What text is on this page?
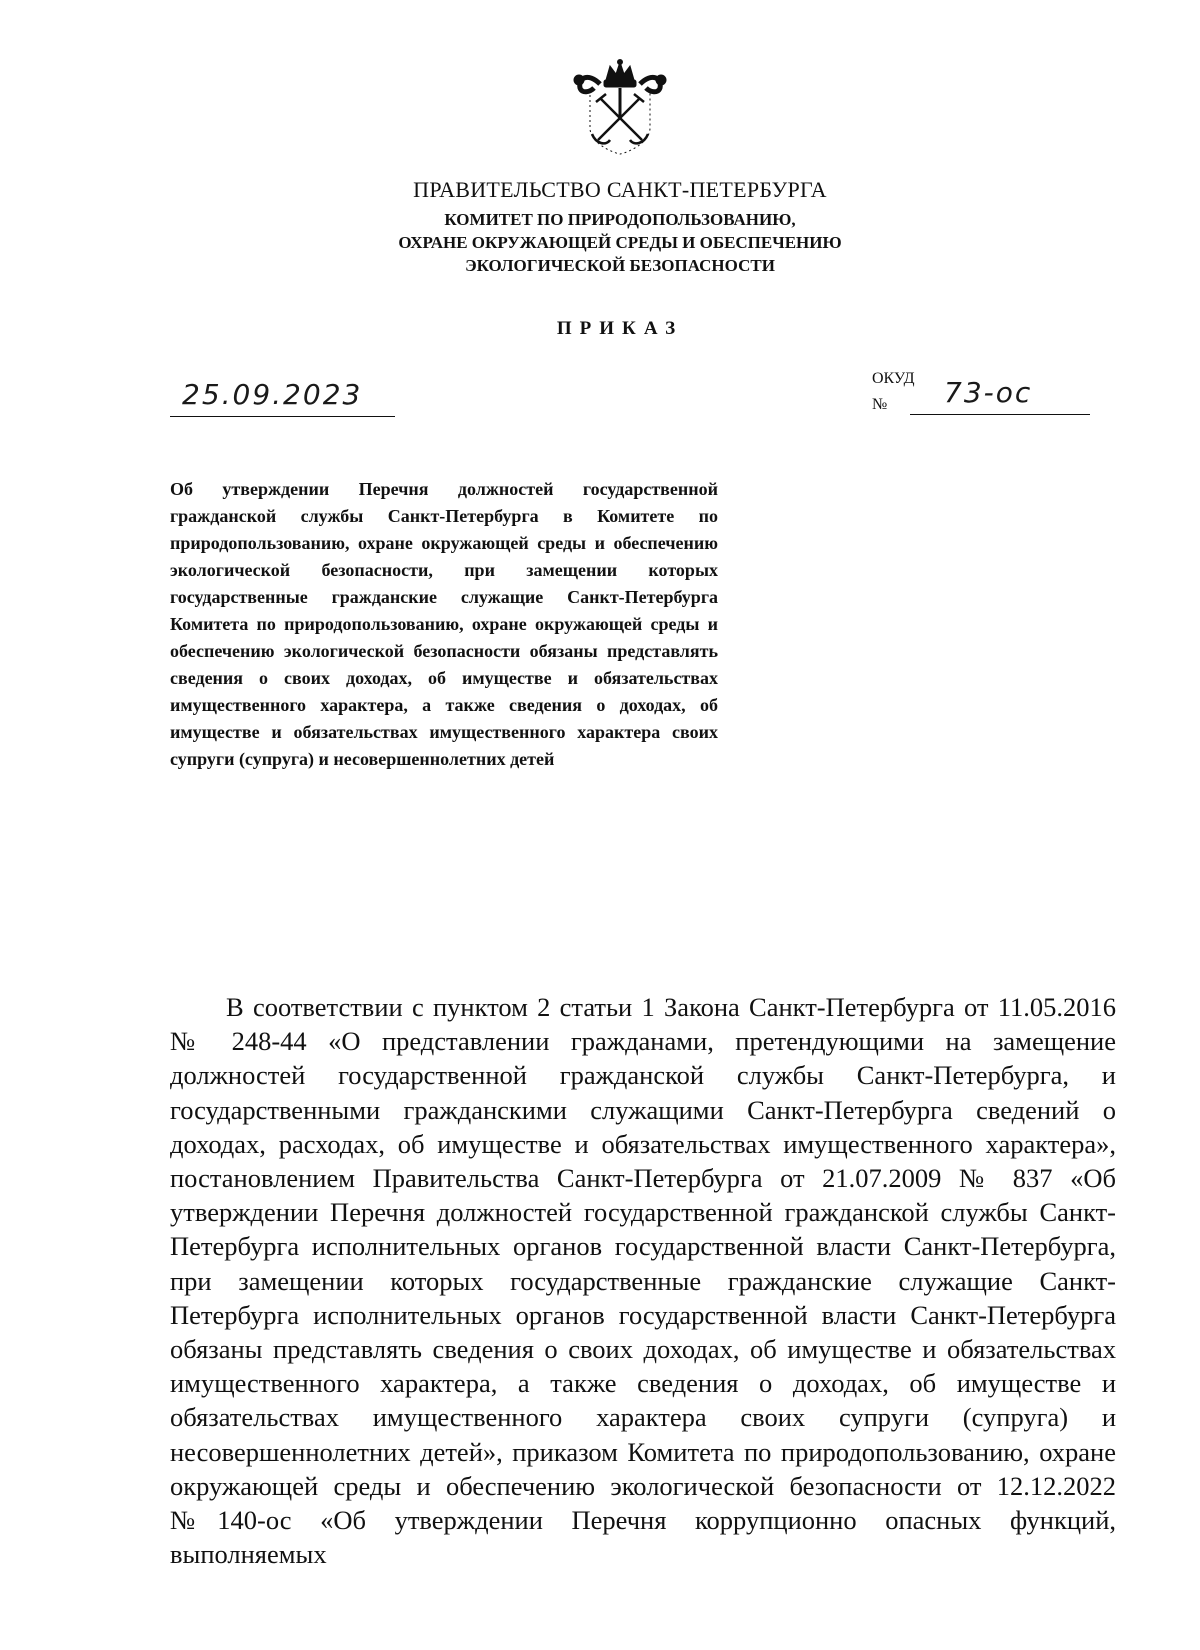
ПРАВИТЕЛЬСТВО САНКТ-ПЕТЕРБУРГА
КОМИТЕТ ПО ПРИРОДОПОЛЬЗОВАНИЮ,
ОХРАНЕ ОКРУЖАЮЩЕЙ СРЕДЫ И ОБЕСПЕЧЕНИЮ
ЭКОЛОГИЧЕСКОЙ БЕЗОПАСНОСТИ
ПРИКАЗ
25.09.2023	ОКУД
№ 73-ос
Об утверждении Перечня должностей государственной гражданской службы Санкт-Петербурга в Комитете по природопользованию, охране окружающей среды и обеспечению экологической безопасности, при замещении которых государственные гражданские служащие Санкт-Петербурга Комитета по природопользованию, охране окружающей среды и обеспечению экологической безопасности обязаны представлять сведения о своих доходах, об имуществе и обязательствах имущественного характера, а также сведения о доходах, об имуществе и обязательствах имущественного характера своих супруги (супруга) и несовершеннолетних детей
В соответствии с пунктом 2 статьи 1 Закона Санкт-Петербурга от 11.05.2016 № 248-44 «О представлении гражданами, претендующими на замещение должностей государственной гражданской службы Санкт-Петербурга, и государственными гражданскими служащими Санкт-Петербурга сведений о доходах, расходах, об имуществе и обязательствах имущественного характера», постановлением Правительства Санкт-Петербурга от 21.07.2009 № 837 «Об утверждении Перечня должностей государственной гражданской службы Санкт-Петербурга исполнительных органов государственной власти Санкт-Петербурга, при замещении которых государственные гражданские служащие Санкт-Петербурга исполнительных органов государственной власти Санкт-Петербурга обязаны представлять сведения о своих доходах, об имуществе и обязательствах имущественного характера, а также сведения о доходах, об имуществе и обязательствах имущественного характера своих супруги (супруга) и несовершеннолетних детей», приказом Комитета по природопользованию, охране окружающей среды и обеспечению экологической безопасности от 12.12.2022 №140-ос «Об утверждении Перечня коррупционно опасных функций, выполняемых
